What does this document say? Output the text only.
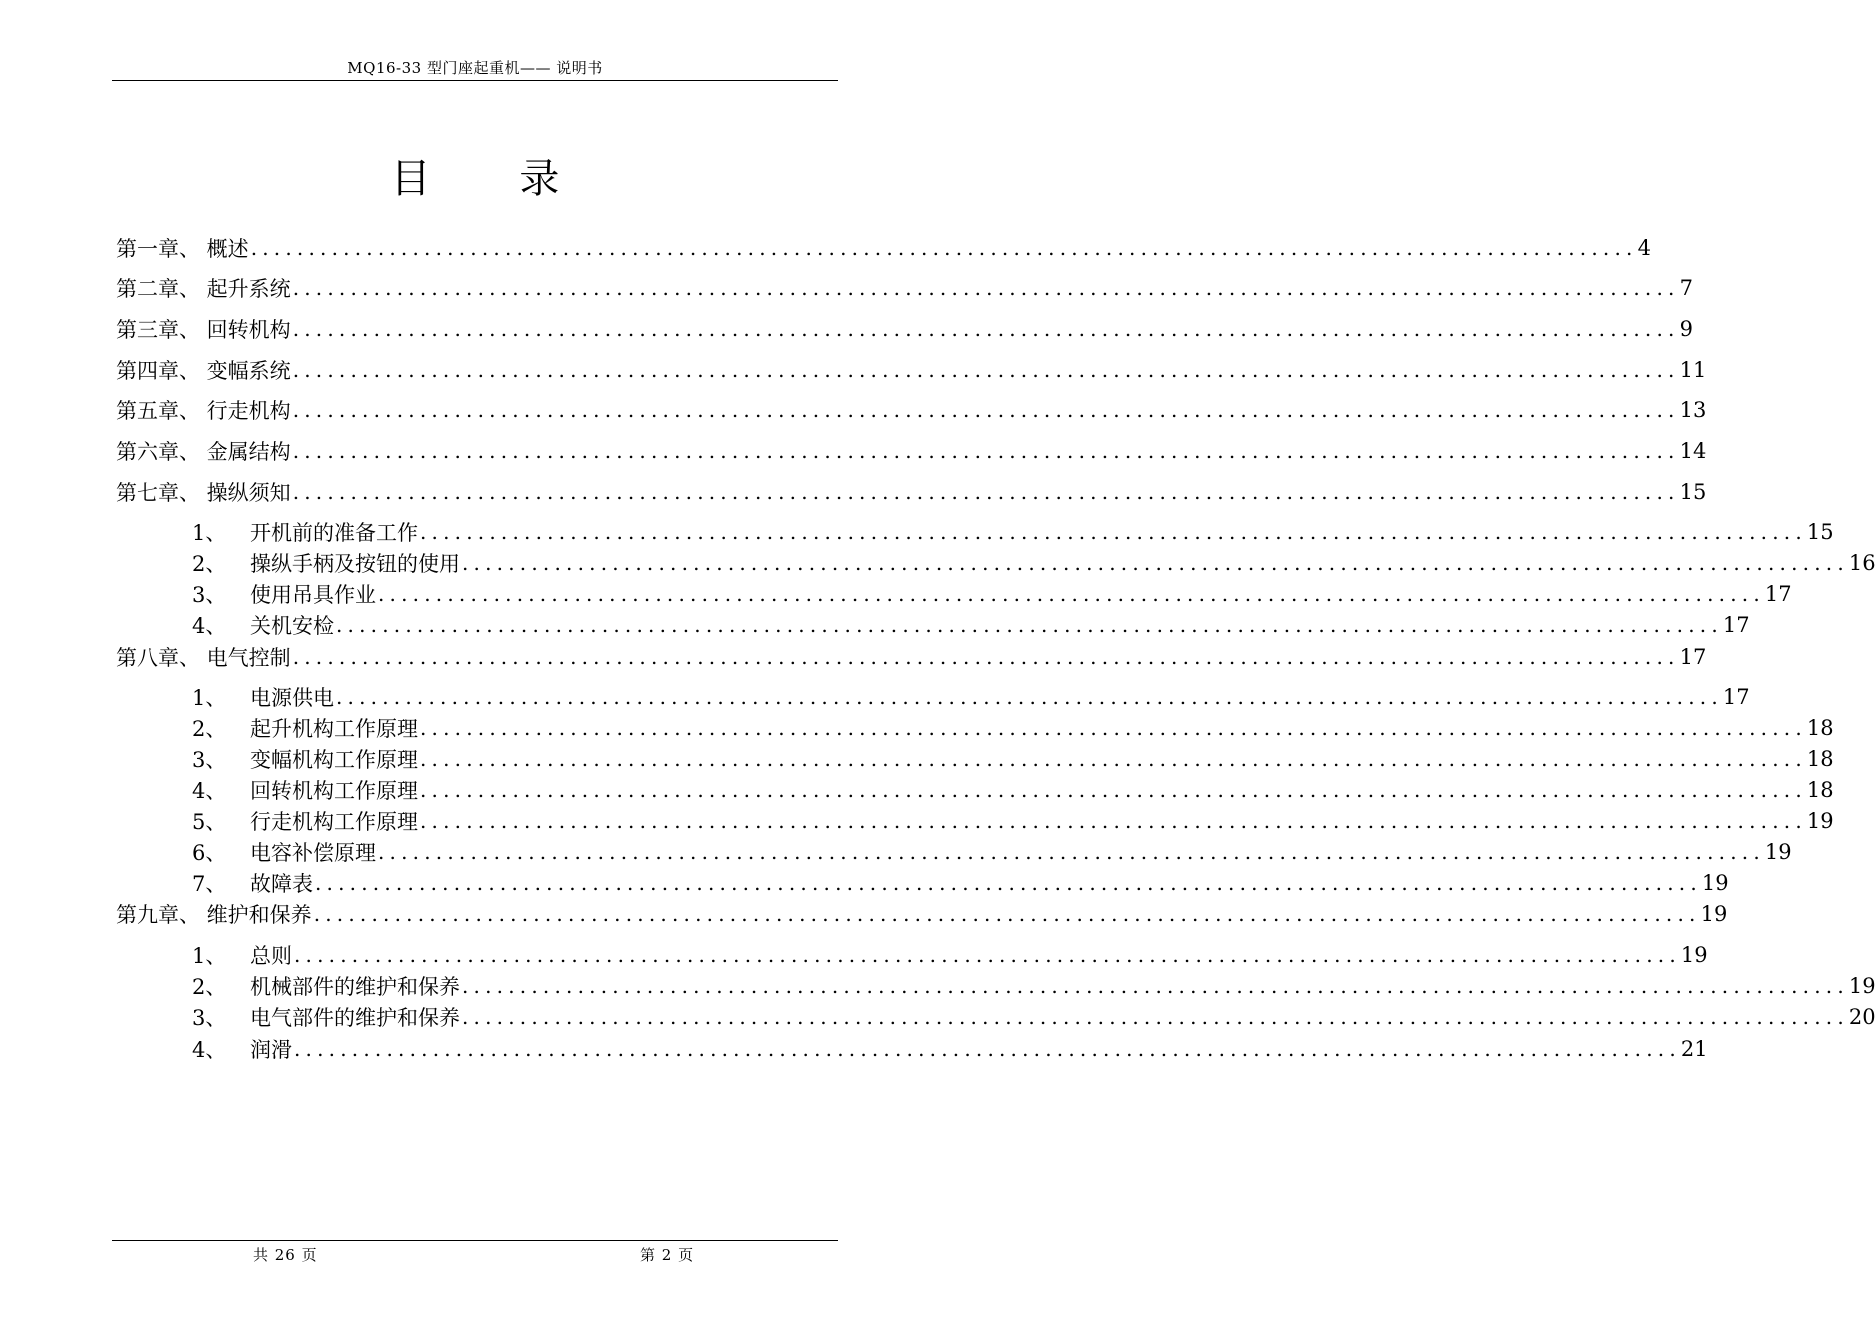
MQ16-33 型门座起重机—— 说明书
目 录
第一章、 概述 ........................................................................................................................ 4
第二章、 起升系统 ........................................................................................................................ 7
第三章、 回转机构 ........................................................................................................................ 9
第四章、 变幅系统 ........................................................................................................................ 11
第五章、 行走机构 ........................................................................................................................ 13
第六章、 金属结构 ........................................................................................................................ 14
第七章、 操纵须知 ........................................................................................................................ 15
1、 开机前的准备工作 ........................................................................................................................ 15
2、 操纵手柄及按钮的使用 ........................................................................................................................ 16
3、 使用吊具作业 ........................................................................................................................ 17
4、 关机安检 ........................................................................................................................ 17
第八章、 电气控制 ........................................................................................................................ 17
1、 电源供电 ........................................................................................................................ 17
2、 起升机构工作原理 ........................................................................................................................ 18
3、 变幅机构工作原理 ........................................................................................................................ 18
4、 回转机构工作原理 ........................................................................................................................ 18
5、 行走机构工作原理 ........................................................................................................................ 19
6、 电容补偿原理 ........................................................................................................................ 19
7、 故障表 ........................................................................................................................ 19
第九章、 维护和保养 ........................................................................................................................ 19
1、 总则 ........................................................................................................................ 19
2、 机械部件的维护和保养 ........................................................................................................................ 19
3、 电气部件的维护和保养 ........................................................................................................................ 20
4、 润滑 ........................................................................................................................ 21
共 26 页	第 2 页
